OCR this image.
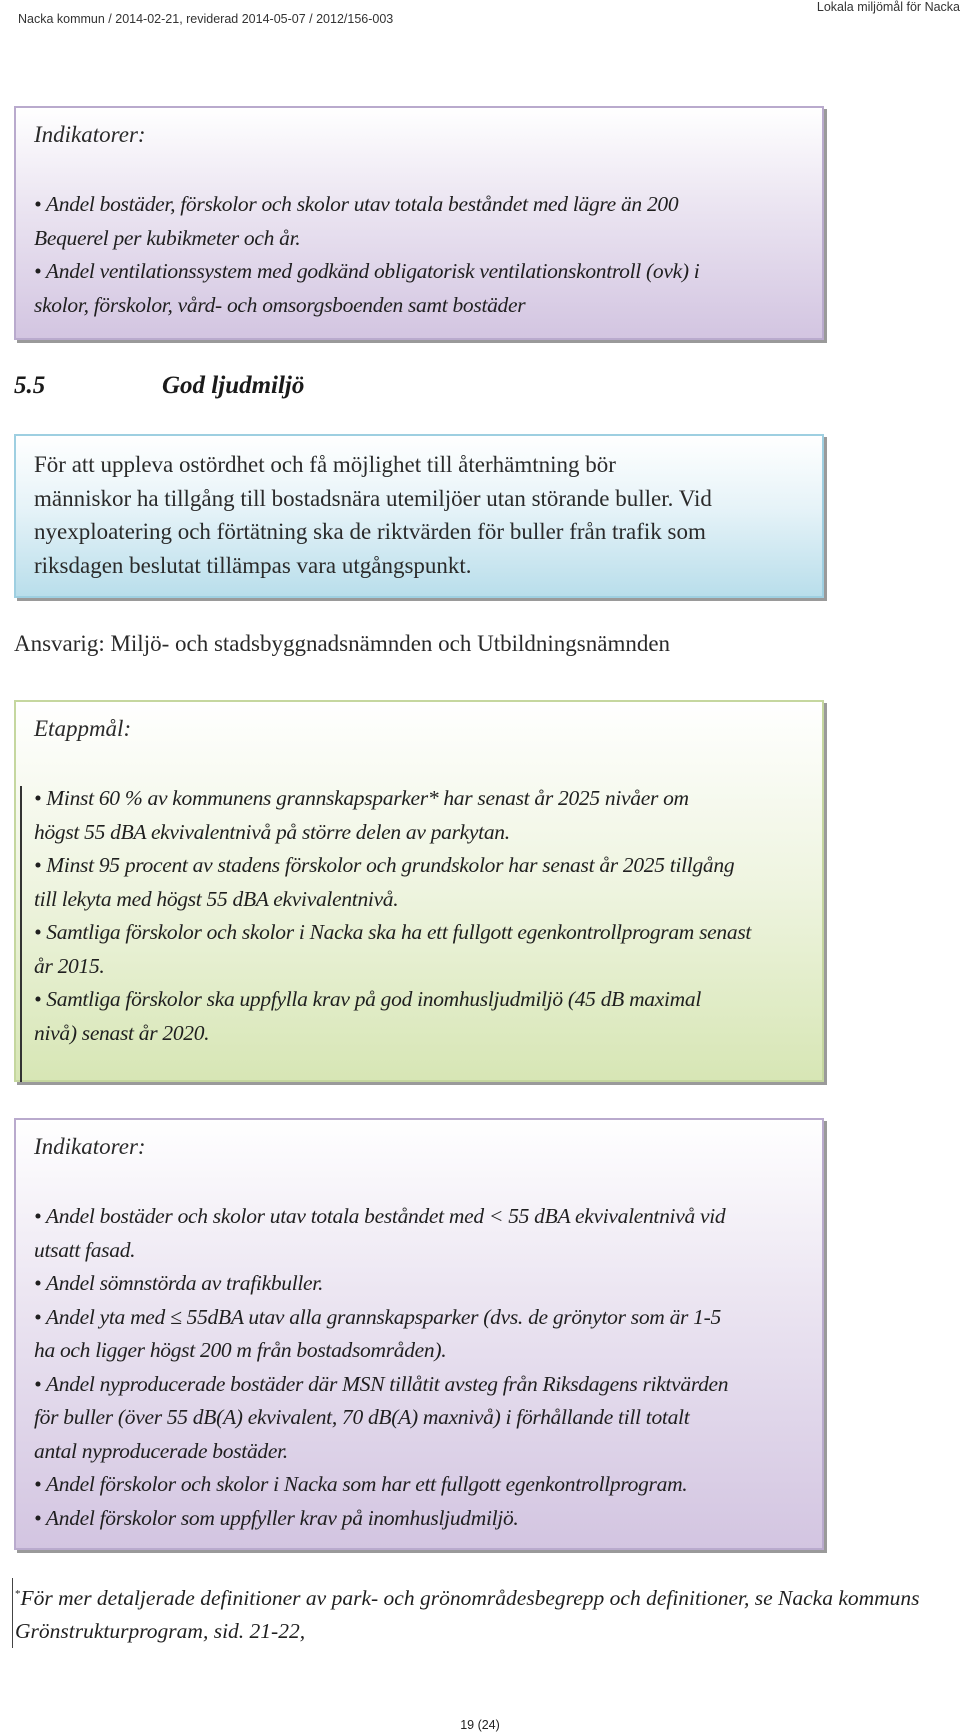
Nacka kommun / 2014-02-21, reviderad 2014-05-07 / 2012/156-003
Lokala miljömål för Nacka
Indikatorer:
• Andel bostäder, förskolor och skolor utav totala beståndet med lägre än 200
Bequerel per kubikmeter och år.
• Andel ventilationssystem med godkänd obligatorisk ventilationskontroll (ovk) i
skolor, förskolor, vård- och omsorgsboenden samt bostäder
5.5	God ljudmiljö
För att uppleva ostördhet och få möjlighet till återhämtning bör
människor ha tillgång till bostadsnära utemiljöer utan störande buller. Vid
nyexploatering och förtätning ska de riktvärden för buller från trafik som
riksdagen beslutat tillämpas vara utgångspunkt.
Ansvarig: Miljö- och stadsbyggnadsnämnden och Utbildningsnämnden
Etappmål:
• Minst 60 % av kommunens grannskapsparker* har senast år 2025 nivåer om
högst 55 dBA ekvivalentnivå på större delen av parkytan.
• Minst 95 procent av stadens förskolor och grundskolor har senast år 2025 tillgång
till lekyta med högst 55 dBA ekvivalentnivå.
• Samtliga förskolor och skolor i Nacka ska ha ett fullgott egenkontrollprogram senast
år 2015.
• Samtliga förskolor ska uppfylla krav på god inomhusljudmiljö (45 dB maximal
nivå) senast år 2020.
Indikatorer:
• Andel bostäder och skolor utav totala beståndet med < 55 dBA ekvivalentnivå vid
utsatt fasad.
• Andel sömnstörda av trafikbuller.
• Andel yta med ≤ 55dBA utav alla grannskapsparker (dvs. de grönytor som är 1-5
ha och ligger högst 200 m från bostadsområden).
• Andel nyproducerade bostäder där MSN tillåtit avsteg från Riksdagens riktvärden
för buller (över 55 dB(A) ekvivalent, 70 dB(A) maxnivå) i förhållande till totalt
antal nyproducerade bostäder.
• Andel förskolor och skolor i Nacka som har ett fullgott egenkontrollprogram.
• Andel förskolor som uppfyller krav på inomhusljudmiljö.
*För mer detaljerade definitioner av park- och grönområdesbegrepp och definitioner, se Nacka kommuns
Grönstrukturprogram, sid. 21-22,
19 (24)
